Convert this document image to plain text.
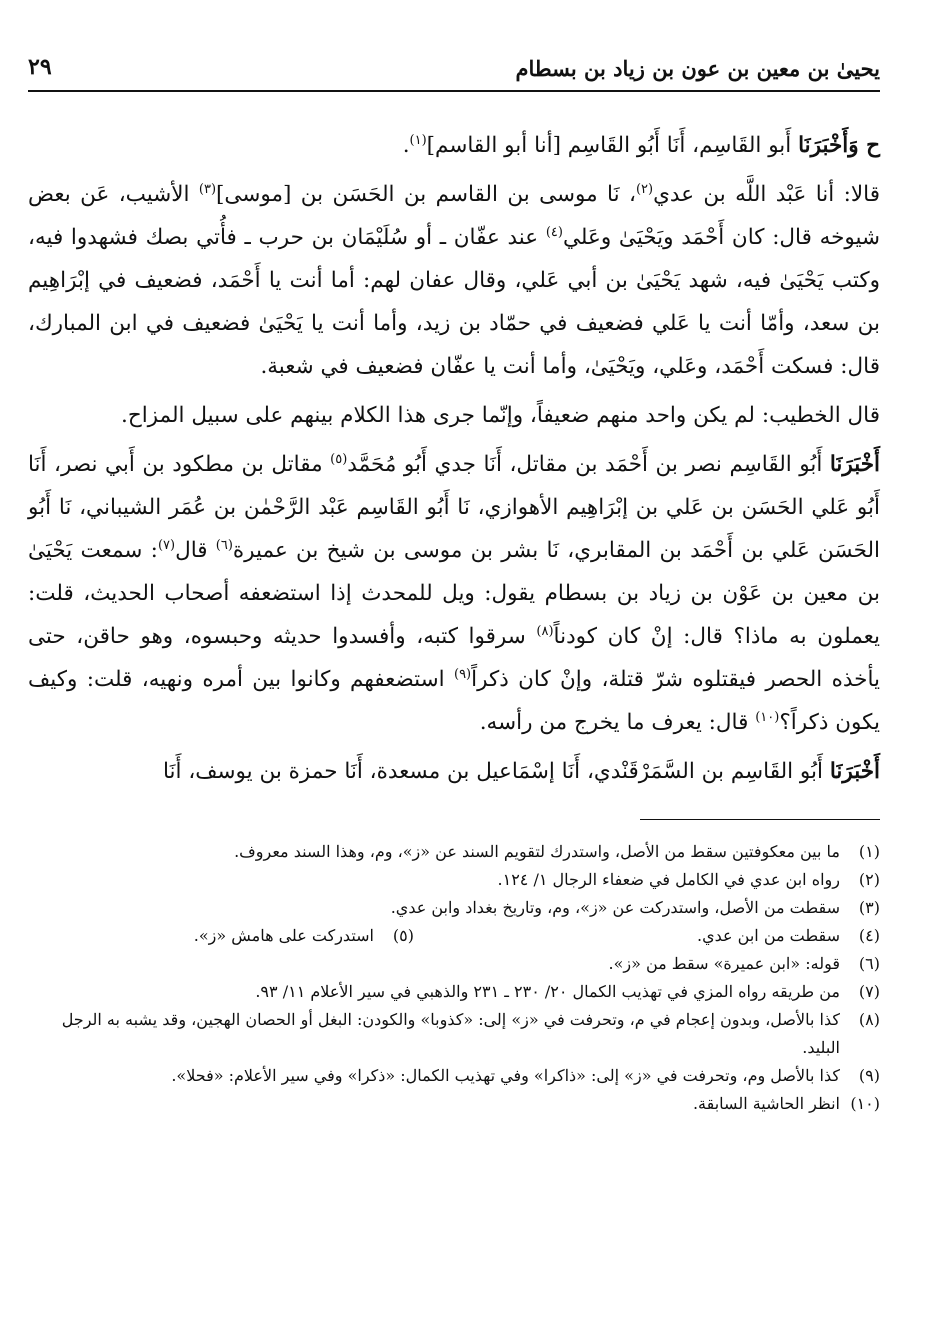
يحيىٰ بن معين بن عون بن زياد بن بسطام
٢٩

ح وَأَخْبَرَنَا أَبو القَاسِم، أَنَا أَبُو القَاسِم [أنا أبو القاسم]$^{(١)}$.

قالا: أنا عَبْد اللَّه بن عدي$^{(٢)}$، نَا موسى بن القاسم بن الحَسَن بن [موسى]$^{(٣)}$ الأشيب، عَن بعض شيوخه قال: كان أَحْمَد ويَحْيَىٰ وعَلي$^{(٤)}$ عند عفّان ـ أو سُلَيْمَان بن حرب ـ فأُتي بصك فشهدوا فيه، وكتب يَحْيَىٰ فيه، شهد يَحْيَىٰ بن أبي عَلي، وقال عفان لهم: أما أنت يا أَحْمَد، فضعيف في إبْرَاهِيم بن سعد، وأمّا أنت يا عَلي فضعيف في حمّاد بن زيد، وأما أنت يا يَحْيَىٰ فضعيف في ابن المبارك، قال: فسكت أَحْمَد، وعَلي، ويَحْيَىٰ، وأما أنت يا عفّان فضعيف في شعبة.

قال الخطيب: لم يكن واحد منهم ضعيفاً، وإنّما جرى هذا الكلام بينهم على سبيل المزاح.

أَخْبَرَنَا أَبُو القَاسِم نصر بن أَحْمَد بن مقاتل، أَنَا جدي أَبُو مُحَمَّد$^{(٥)}$ مقاتل بن مطكود بن أَبي نصر، أَنَا أَبُو عَلي الحَسَن بن عَلي بن إبْرَاهِيم الأهوازي، نَا أَبُو القَاسِم عَبْد الرَّحْمٰن بن عُمَر الشيباني، نَا أَبُو الحَسَن عَلي بن أَحْمَد بن المقابري، نَا بشر بن موسى بن شيخ بن عميرة$^{(٦)}$ قال$^{(٧)}$: سمعت يَحْيَىٰ بن معين بن عَوْن بن زياد بن بسطام يقول: ويل للمحدث إذا استضعفه أصحاب الحديث، قلت: يعملون به ماذا؟ قال: إنْ كان كودناً$^{(٨)}$ سرقوا كتبه، وأفسدوا حديثه وحبسوه، وهو حاقن، حتى يأخذه الحصر فيقتلوه شرّ قتلة، وإنْ كان ذكراً$^{(٩)}$ استضعفهم وكانوا بين أمره ونهيه، قلت: وكيف يكون ذكراً؟$^{(١٠)}$ قال: يعرف ما يخرج من رأسه.

أَخْبَرَنَا أَبُو القَاسِم بن السَّمَرْقَنْدي، أَنَا إسْمَاعيل بن مسعدة، أَنَا حمزة بن يوسف، أَنَا

(١)
ما بين معكوفتين سقط من الأصل، واستدرك لتقويم السند عن «ز»، وم، وهذا السند معروف.
(٢)
رواه ابن عدي في الكامل في ضعفاء الرجال ١/ ١٢٤.
(٣)
سقطت من الأصل، واستدركت عن «ز»، وم، وتاريخ بغداد وابن عدي.
(٤)
سقطت من ابن عدي.
(٥)
استدركت على هامش «ز».
(٦)
قوله: «ابن عميرة» سقط من «ز».
(٧)
من طريقه رواه المزي في تهذيب الكمال ٢٠/ ٢٣٠ ـ ٢٣١ والذهبي في سير الأعلام ١١/ ٩٣.
(٨)
كذا بالأصل، وبدون إعجام في م، وتحرفت في «ز» إلى: «كذوبا» والكودن: البغل أو الحصان الهجين، وقد يشبه به الرجل البليد.
(٩)
كذا بالأصل وم، وتحرفت في «ز» إلى: «ذاكرا» وفي تهذيب الكمال: «ذكرا» وفي سير الأعلام: «فحلا».
(١٠)
انظر الحاشية السابقة.
